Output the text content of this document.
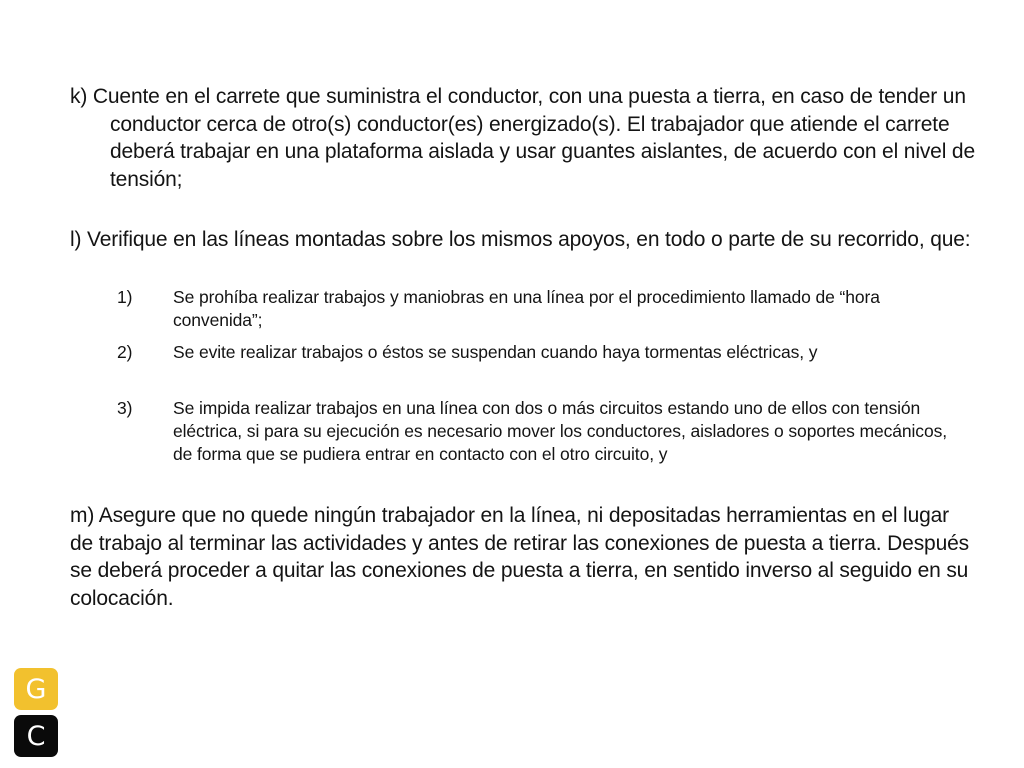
k) Cuente en el carrete que suministra el conductor, con una puesta a tierra, en caso de tender un conductor cerca de otro(s) conductor(es) energizado(s). El trabajador que atiende el carrete deberá trabajar en una plataforma aislada y usar guantes aislantes, de acuerdo con el nivel de tensión;
l) Verifique en las líneas montadas sobre los mismos apoyos, en todo o parte de su recorrido, que:
1) Se prohíba realizar trabajos y maniobras en una línea por el procedimiento llamado de “hora convenida”;
2) Se evite realizar trabajos o éstos se suspendan cuando haya tormentas eléctricas, y
3) Se impida realizar trabajos en una línea con dos o más circuitos estando uno de ellos con tensión eléctrica, si para su ejecución es necesario mover los conductores, aisladores o soportes mecánicos, de forma que se pudiera entrar en contacto con el otro circuito, y
m) Asegure que no quede ningún trabajador en la línea, ni depositadas herramientas en el lugar de trabajo al terminar las actividades y antes de retirar las conexiones de puesta a tierra. Después se deberá proceder a quitar las conexiones de puesta a tierra, en sentido inverso al seguido en su colocación.
G
C
